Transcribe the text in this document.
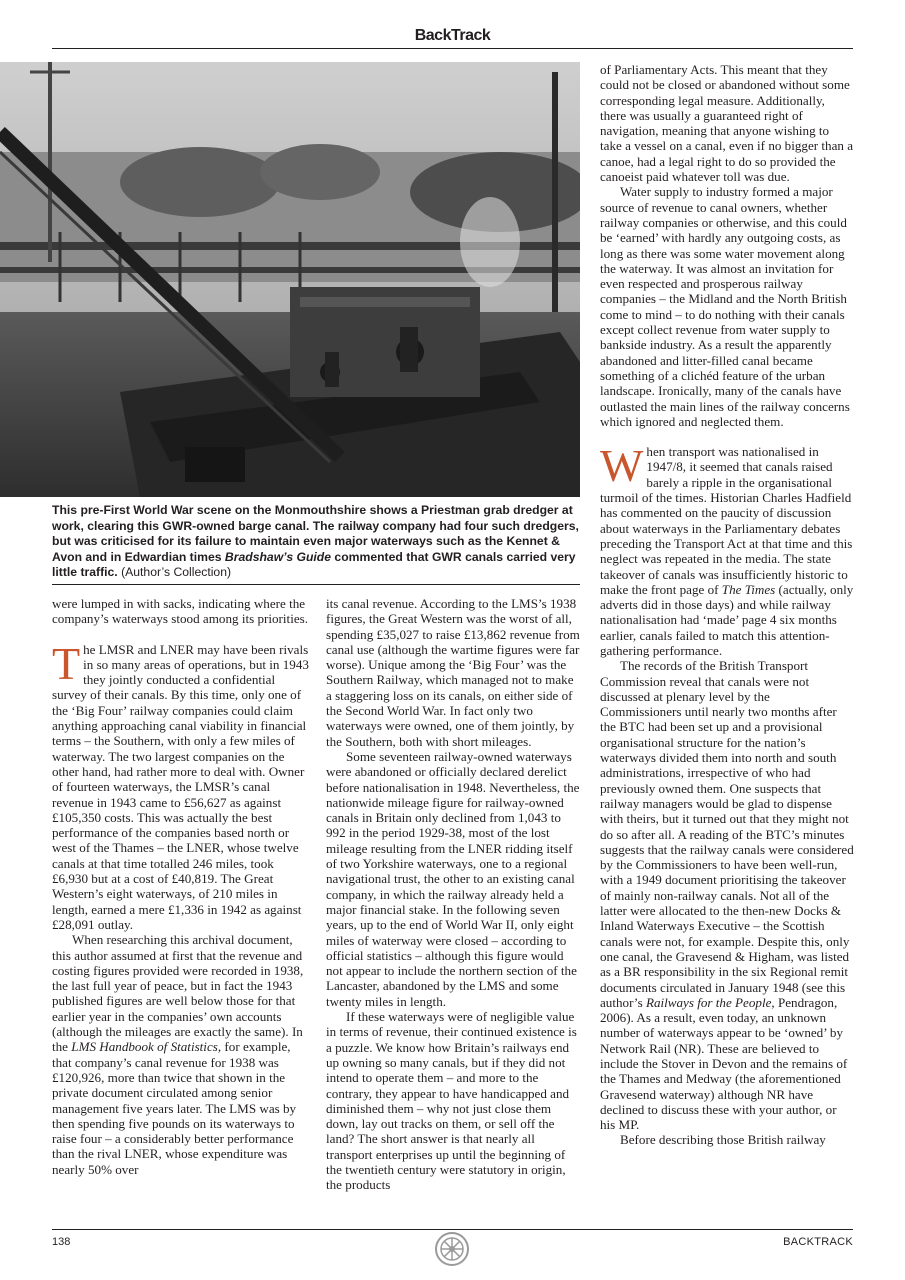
BackTrack
This pre-First World War scene on the Monmouthshire shows a Priestman grab dredger at work, clearing this GWR-owned barge canal. The railway company had four such dredgers, but was criticised for its failure to maintain even major waterways such as the Kennet & Avon and in Edwardian times Bradshaw’s Guide commented that GWR canals carried very little traffic. (Author’s Collection)

were lumped in with sacks, indicating where the company’s waterways stood among its priorities.

The LMSR and LNER may have been rivals in so many areas of operations, but in 1943 they jointly conducted a confidential survey of their canals. By this time, only one of the ‘Big Four’ railway companies could claim anything approaching canal viability in financial terms – the Southern, with only a few miles of waterway. The two largest companies on the other hand, had rather more to deal with. Owner of fourteen waterways, the LMSR’s canal revenue in 1943 came to £56,627 as against £105,350 costs. This was actually the best performance of the companies based north or west of the Thames – the LNER, whose twelve canals at that time totalled 246 miles, took £6,930 but at a cost of £40,819. The Great Western’s eight waterways, of 210 miles in length, earned a mere £1,336 in 1942 as against £28,091 outlay.

When researching this archival document, this author assumed at first that the revenue and costing figures provided were recorded in 1938, the last full year of peace, but in fact the 1943 published figures are well below those for that earlier year in the companies’ own accounts (although the mileages are exactly the same). In the LMS Handbook of Statistics, for example, that company’s canal revenue for 1938 was £120,926, more than twice that shown in the private document circulated among senior management five years later. The LMS was by then spending five pounds on its waterways to raise four – a considerably better performance than the rival LNER, whose expenditure was nearly 50% over

its canal revenue. According to the LMS’s 1938 figures, the Great Western was the worst of all, spending £35,027 to raise £13,862 revenue from canal use (although the wartime figures were far worse). Unique among the ‘Big Four’ was the Southern Railway, which managed not to make a staggering loss on its canals, on either side of the Second World War. In fact only two waterways were owned, one of them jointly, by the Southern, both with short mileages.

Some seventeen railway-owned waterways were abandoned or officially declared derelict before nationalisation in 1948. Nevertheless, the nationwide mileage figure for railway-owned canals in Britain only declined from 1,043 to 992 in the period 1929-38, most of the lost mileage resulting from the LNER ridding itself of two Yorkshire waterways, one to a regional navigational trust, the other to an existing canal company, in which the railway already held a major financial stake. In the following seven years, up to the end of World War II, only eight miles of waterway were closed – according to official statistics – although this figure would not appear to include the northern section of the Lancaster, abandoned by the LMS and some twenty miles in length.

If these waterways were of negligible value in terms of revenue, their continued existence is a puzzle. We know how Britain’s railways end up owning so many canals, but if they did not intend to operate them – and more to the contrary, they appear to have handicapped and diminished them – why not just close them down, lay out tracks on them, or sell off the land? The short answer is that nearly all transport enterprises up until the beginning of the twentieth century were statutory in origin, the products

of Parliamentary Acts. This meant that they could not be closed or abandoned without some corresponding legal measure. Additionally, there was usually a guaranteed right of navigation, meaning that anyone wishing to take a vessel on a canal, even if no bigger than a canoe, had a legal right to do so provided the canoeist paid whatever toll was due.

Water supply to industry formed a major source of revenue to canal owners, whether railway companies or otherwise, and this could be ‘earned’ with hardly any outgoing costs, as long as there was some water movement along the waterway. It was almost an invitation for even respected and prosperous railway companies – the Midland and the North British come to mind – to do nothing with their canals except collect revenue from water supply to bankside industry. As a result the apparently abandoned and litter-filled canal became something of a clichéd feature of the urban landscape. Ironically, many of the canals have outlasted the main lines of the railway concerns which ignored and neglected them.

When transport was nationalised in 1947/8, it seemed that canals raised barely a ripple in the organisational turmoil of the times. Historian Charles Hadfield has commented on the paucity of discussion about waterways in the Parliamentary debates preceding the Transport Act at that time and this neglect was repeated in the media. The state takeover of canals was insufficiently historic to make the front page of The Times (actually, only adverts did in those days) and while railway nationalisation had ‘made’ page 4 six months earlier, canals failed to match this attention-gathering performance.

The records of the British Transport Commission reveal that canals were not discussed at plenary level by the Commissioners until nearly two months after the BTC had been set up and a provisional organisational structure for the nation’s waterways divided them into north and south administrations, irrespective of who had previously owned them. One suspects that railway managers would be glad to dispense with theirs, but it turned out that they might not do so after all. A reading of the BTC’s minutes suggests that the railway canals were considered by the Commissioners to have been well-run, with a 1949 document prioritising the takeover of mainly non-railway canals. Not all of the latter were allocated to the then-new Docks & Inland Waterways Executive – the Scottish canals were not, for example. Despite this, only one canal, the Gravesend & Higham, was listed as a BR responsibility in the six Regional remit documents circulated in January 1948 (see this author’s Railways for the People, Pendragon, 2006). As a result, even today, an unknown number of waterways appear to be ‘owned’ by Network Rail (NR). These are believed to include the Stover in Devon and the remains of the Thames and Medway (the aforementioned Gravesend waterway) although NR have declined to discuss these with your author, or his MP.

Before describing those British railway

138	BACKTRACK
